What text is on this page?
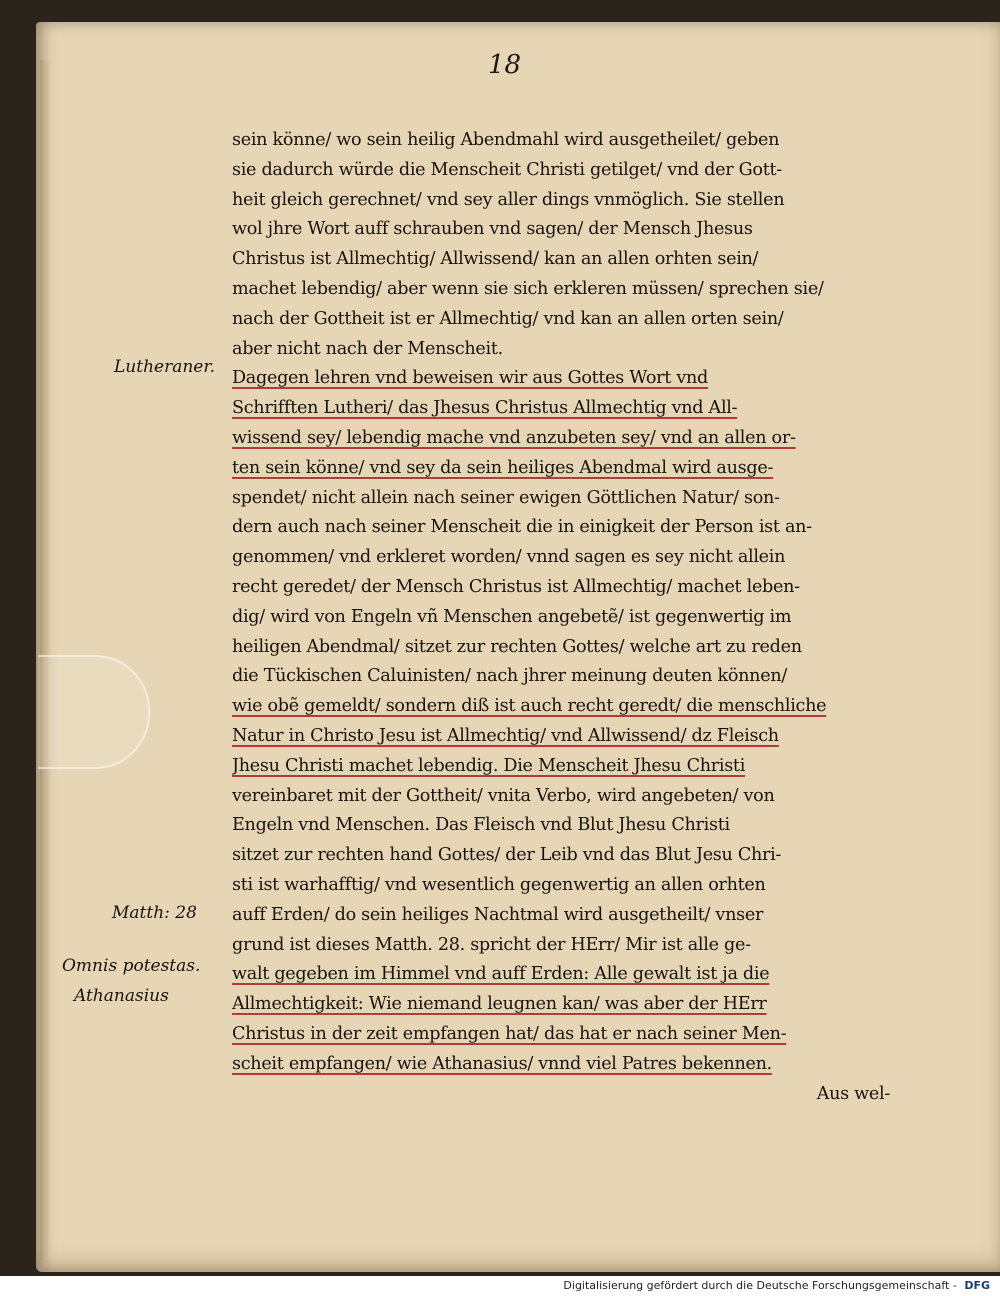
18
Lutheraner.
Matth: 28
Omnis potestas.
Athanasius
sein könne/ wo sein heilig Abendmahl wird ausgetheilet/ geben
sie dadurch würde die Menscheit Christi getilget/ vnd der Gott-
heit gleich gerechnet/ vnd sey aller dings vnmöglich. Sie stellen
wol jhre Wort auff schrauben vnd sagen/ der Mensch Jhesus
Christus ist Allmechtig/ Allwissend/ kan an allen orhten sein/
machet lebendig/ aber wenn sie sich erkleren müssen/ sprechen sie/
nach der Gottheit ist er Allmechtig/ vnd kan an allen orten sein/
aber nicht nach der Menscheit.
Dagegen lehren vnd beweisen wir aus Gottes Wort vnd
Schrifften Lutheri/ das Jhesus Christus Allmechtig vnd All-
wissend sey/ lebendig mache vnd anzubeten sey/ vnd an allen or-
ten sein könne/ vnd sey da sein heiliges Abendmal wird ausge-
spendet/ nicht allein nach seiner ewigen Göttlichen Natur/ son-
dern auch nach seiner Menscheit die in einigkeit der Person ist an-
genommen/ vnd erkleret worden/ vnnd sagen es sey nicht allein
recht geredet/ der Mensch Christus ist Allmechtig/ machet leben-
dig/ wird von Engeln vñ Menschen angebetẽ/ ist gegenwertig im
heiligen Abendmal/ sitzet zur rechten Gottes/ welche art zu reden
die Tückischen Caluinisten/ nach jhrer meinung deuten können/
wie obẽ gemeldt/ sondern diß ist auch recht geredt/ die menschliche
Natur in Christo Jesu ist Allmechtig/ vnd Allwissend/ dz Fleisch
Jhesu Christi machet lebendig. Die Menscheit Jhesu Christi
vereinbaret mit der Gottheit/ vnita Verbo, wird angebeten/ von
Engeln vnd Menschen. Das Fleisch vnd Blut Jhesu Christi
sitzet zur rechten hand Gottes/ der Leib vnd das Blut Jesu Chri-
sti ist warhafftig/ vnd wesentlich gegenwertig an allen orhten
auff Erden/ do sein heiliges Nachtmal wird ausgetheilt/ vnser
grund ist dieses Matth. 28. spricht der HErr/ Mir ist alle ge-
walt gegeben im Himmel vnd auff Erden: Alle gewalt ist ja die
Allmechtigkeit: Wie niemand leugnen kan/ was aber der HErr
Christus in der zeit empfangen hat/ das hat er nach seiner Men-
scheit empfangen/ wie Athanasius/ vnnd viel Patres bekennen.
Aus wel-
Digitalisierung gefördert durch die Deutsche Forschungsgemeinschaft - DFG
